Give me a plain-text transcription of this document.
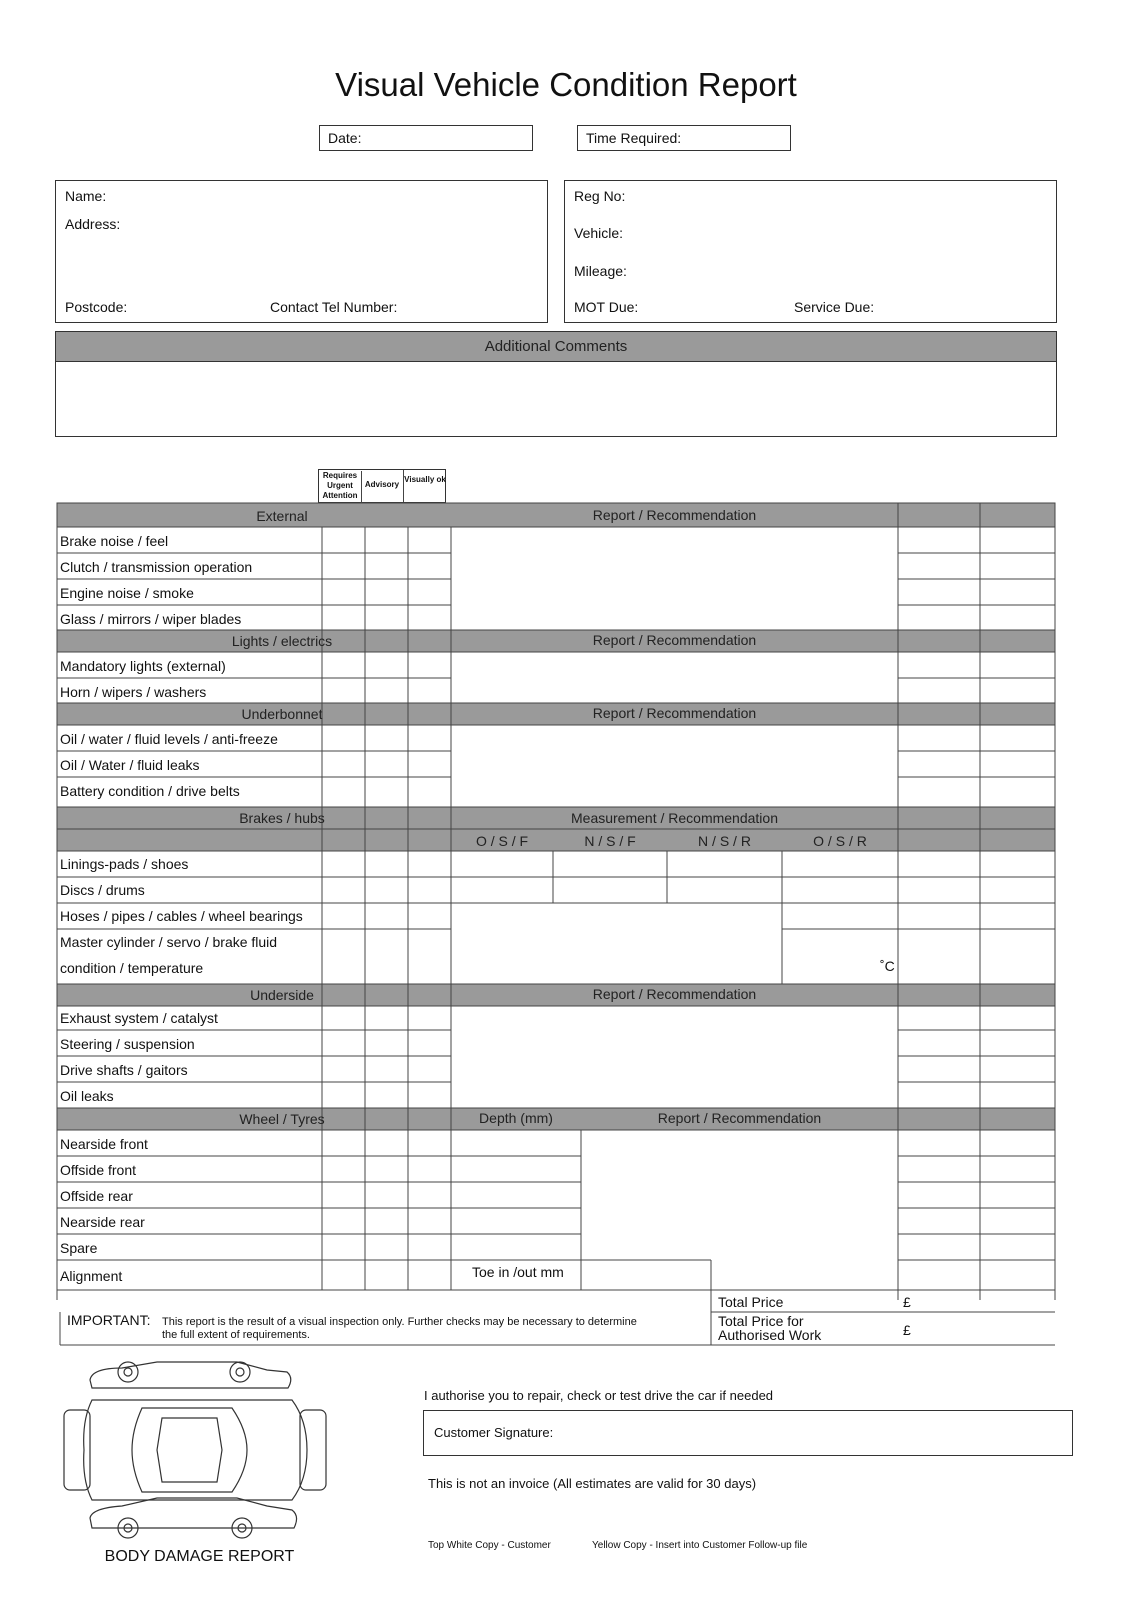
Visual Vehicle Condition Report
Date:	Time Required:
Name:
Address:
Postcode:	Contact Tel Number:
Reg No:
Vehicle:
Mileage:
MOT Due:	Service Due:
Additional Comments
Requires Urgent Attention
Advisory
Visually ok
External	Report / Recommendation
Brake noise / feel
Clutch / transmission operation
Engine noise / smoke
Glass / mirrors / wiper blades
Lights / electrics	Report / Recommendation
Mandatory lights (external)
Horn / wipers / washers
Underbonnet	Report / Recommendation
Oil / water / fluid levels / anti-freeze
Oil / Water / fluid leaks
Battery condition / drive belts
Brakes / hubs	Measurement / Recommendation
O / S / F	N / S / F	N / S / R	O / S / R
Linings-pads / shoes
Discs / drums
Hoses / pipes / cables / wheel bearings
Master cylinder / servo / brake fluid
condition / temperature	˚C
Underside	Report / Recommendation
Exhaust system / catalyst
Steering / suspension
Drive shafts / gaitors
Oil leaks
Wheel / Tyres	Depth (mm)	Report / Recommendation
Nearside front
Offside front
Offside rear
Nearside rear
Spare
Alignment	Toe in /out mm
Total Price	£
Total Price for
Authorised Work	£
IMPORTANT: This report is the result of a visual inspection only. Further checks may be necessary to determine
the full extent of requirements.
BODY DAMAGE REPORT
I authorise you to repair, check or test drive the car if needed
Customer Signature:
This is not an invoice (All estimates are valid for 30 days)
Top White Copy - Customer	Yellow Copy - Insert into Customer Follow-up file
